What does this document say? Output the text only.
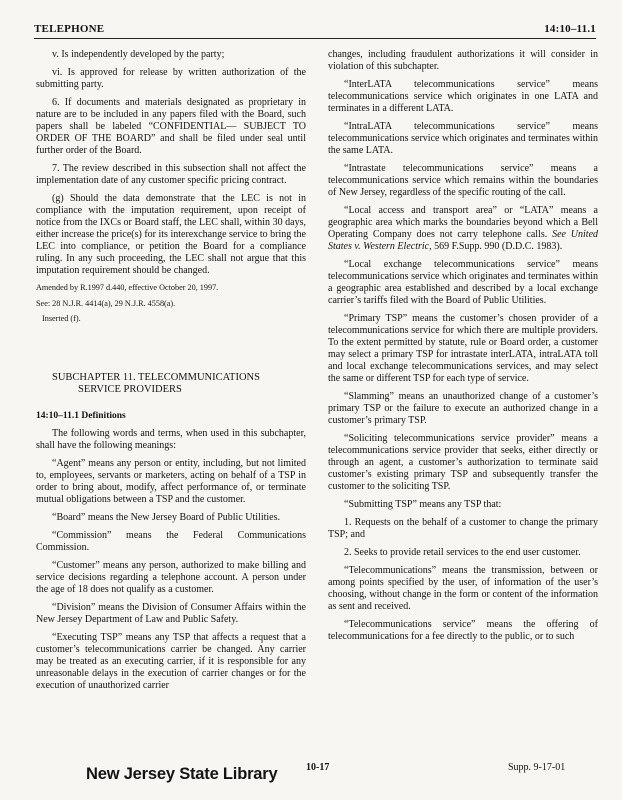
TELEPHONE	14:10–11.1

v. Is independently developed by the party;

vi. Is approved for release by written authorization of the submitting party.

6. If documents and materials designated as proprietary in nature are to be included in any papers filed with the Board, such papers shall be labeled “CONFIDENTIAL— SUBJECT TO ORDER OF THE BOARD” and shall be filed under seal until further order of the Board.

7. The review described in this subsection shall not affect the implementation date of any customer specific pricing contract.

(g) Should the data demonstrate that the LEC is not in compliance with the imputation requirement, upon receipt of notice from the IXCs or Board staff, the LEC shall, within 30 days, either increase the price(s) for its interexchange service to bring the LEC into compliance, or petition the Board for a compliance ruling. In any such proceeding, the LEC shall not argue that this imputation requirement should be changed.

Amended by R.1997 d.440, effective October 20, 1997.

See: 28 N.J.R. 4414(a), 29 N.J.R. 4558(a).

Inserted (f).

SUBCHAPTER 11. TELECOMMUNICATIONS
SERVICE PROVIDERS

14:10–11.1 Definitions

The following words and terms, when used in this subchapter, shall have the following meanings:

“Agent” means any person or entity, including, but not limited to, employees, servants or marketers, acting on behalf of a TSP in order to bring about, modify, affect performance of, or terminate mutual obligations between a TSP and the customer.

“Board” means the New Jersey Board of Public Utilities.

“Commission” means the Federal Communications Commission.

“Customer” means any person, authorized to make billing and service decisions regarding a telephone account. A person under the age of 18 does not qualify as a customer.

“Division” means the Division of Consumer Affairs within the New Jersey Department of Law and Public Safety.

“Executing TSP” means any TSP that affects a request that a customer’s telecommunications carrier be changed. Any carrier may be treated as an executing carrier, if it is responsible for any unreasonable delays in the execution of carrier changes or for the execution of unauthorized carrier

changes, including fraudulent authorizations it will consider in violation of this subchapter.

“InterLATA telecommunications service” means telecommunications service which originates in one LATA and terminates in a different LATA.

“IntraLATA telecommunications service” means telecommunications service which originates and terminates within the same LATA.

“Intrastate telecommunications service” means a telecommunications service which remains within the boundaries of New Jersey, regardless of the specific routing of the call.

“Local access and transport area” or “LATA” means a geographic area which marks the boundaries beyond which a Bell Operating Company does not carry telephone calls. See United States v. Western Electric, 569 F.Supp. 990 (D.D.C. 1983).

“Local exchange telecommunications service” means telecommunications service which originates and terminates within a geographic area established and described by a local exchange carrier’s tariffs filed with the Board of Public Utilities.

“Primary TSP” means the customer’s chosen provider of a telecommunications service for which there are multiple providers. To the extent permitted by statute, rule or Board order, a customer may select a primary TSP for intrastate interLATA, intraLATA toll and local exchange telecommunications services, and may select the same or different TSP for each type of service.

“Slamming” means an unauthorized change of a customer’s primary TSP or the failure to execute an authorized change in a customer’s primary TSP.

“Soliciting telecommunications service provider” means a telecommunications service provider that seeks, either directly or through an agent, a customer’s authorization to terminate said customer’s existing primary TSP and subsequently transfer the customer to the soliciting TSP.

“Submitting TSP” means any TSP that:

1. Requests on the behalf of a customer to change the primary TSP; and

2. Seeks to provide retail services to the end user customer.

“Telecommunications” means the transmission, between or among points specified by the user, of information of the user’s choosing, without change in the form or content of the information as sent and received.

“Telecommunications service” means the offering of telecommunications for a fee directly to the public, or to such

New Jersey State Library	10-17	Supp. 9-17-01
